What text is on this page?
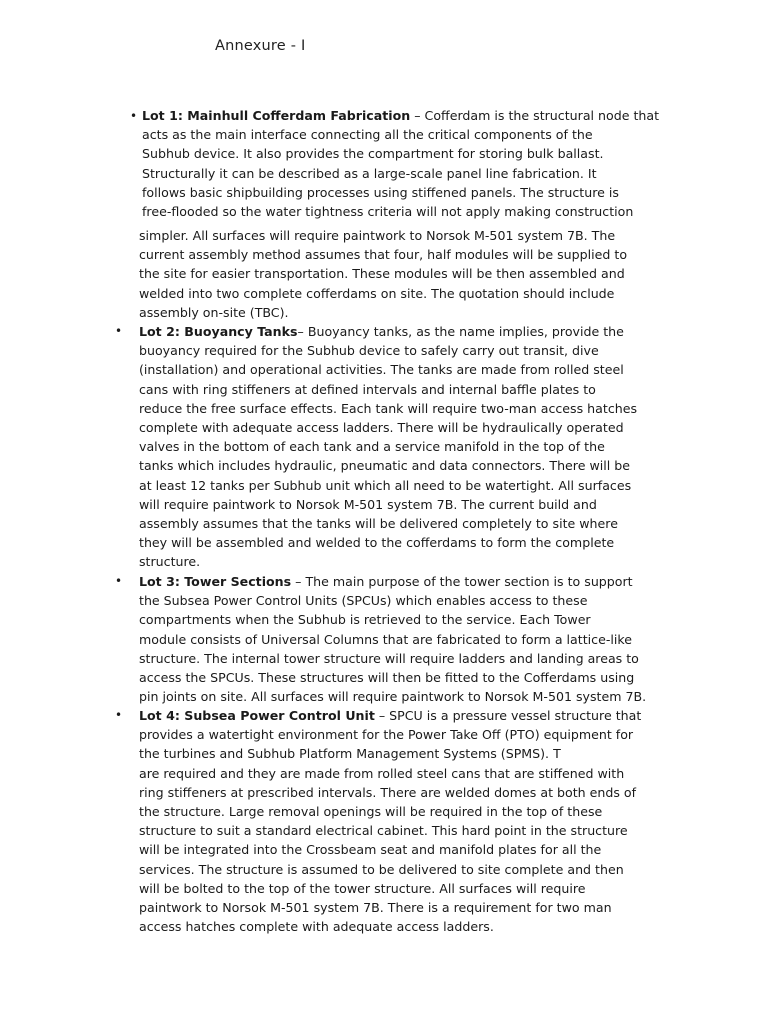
Annexure - I
• Lot 1: Mainhull Cofferdam Fabrication – Cofferdam is the structural node that
acts as the main interface connecting all the critical components of the
Subhub device. It also provides the compartment for storing bulk ballast.
Structurally it can be described as a large-scale panel line fabrication. It
follows basic shipbuilding processes using stiffened panels. The structure is
free-flooded so the water tightness criteria will not apply making construction
simpler. All surfaces will require paintwork to Norsok M-501 system 7B. The
current assembly method assumes that four, half modules will be supplied to
the site for easier transportation. These modules will be then assembled and
welded into two complete cofferdams on site. The quotation should include
assembly on-site (TBC).
•	Lot 2: Buoyancy Tanks– Buoyancy tanks, as the name implies, provide the
buoyancy required for the Subhub device to safely carry out transit, dive
(installation) and operational activities. The tanks are made from rolled steel
cans with ring stiffeners at defined intervals and internal baffle plates to
reduce the free surface effects. Each tank will require two-man access hatches
complete with adequate access ladders. There will be hydraulically operated
valves in the bottom of each tank and a service manifold in the top of the
tanks which includes hydraulic, pneumatic and data connectors. There will be
at least 12 tanks per Subhub unit which all need to be watertight. All surfaces
will require paintwork to Norsok M-501 system 7B. The current build and
assembly assumes that the tanks will be delivered completely to site where
they will be assembled and welded to the cofferdams to form the complete
structure.
•	Lot 3: Tower Sections – The main purpose of the tower section is to support
the Subsea Power Control Units (SPCUs) which enables access to these
compartments when the Subhub is retrieved to the service. Each Tower
module consists of Universal Columns that are fabricated to form a lattice-like
structure. The internal tower structure will require ladders and landing areas to
access the SPCUs. These structures will then be fitted to the Cofferdams using
pin joints on site. All surfaces will require paintwork to Norsok M-501 system 7B.
•	Lot 4: Subsea Power Control Unit – SPCU is a pressure vessel structure that
provides a watertight environment for the Power Take Off (PTO) equipment for
the turbines and Subhub Platform Management Systems (SPMS). T
are required and they are made from rolled steel cans that are stiffened with
ring stiffeners at prescribed intervals. There are welded domes at both ends of
the structure. Large removal openings will be required in the top of these
structure to suit a standard electrical cabinet. This hard point in the structure
will be integrated into the Crossbeam seat and manifold plates for all the
services. The structure is assumed to be delivered to site complete and then
will be bolted to the top of the tower structure. All surfaces will require
paintwork to Norsok M-501 system 7B. There is a requirement for two man
access hatches complete with adequate access ladders.
